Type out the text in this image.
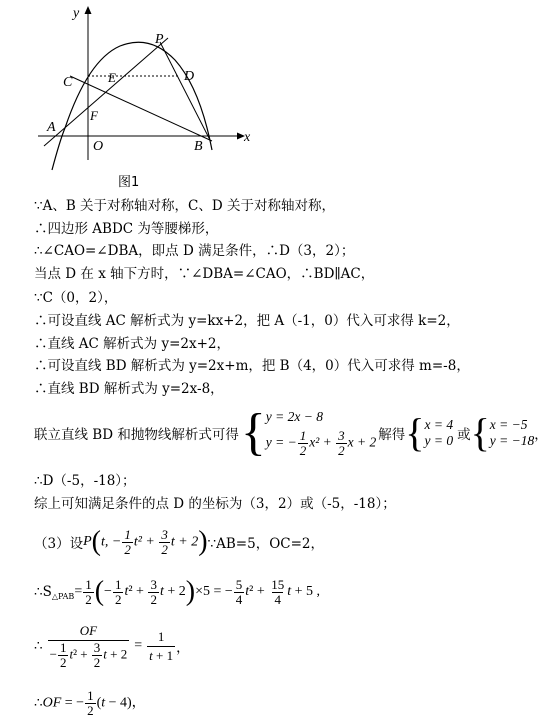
y
x
P
C	E	D
A
F
O	B
图1
∵A、B 关于对称轴对称，C、D 关于对称轴对称，
∴四边形 ABDC 为等腰梯形，
∴∠CAO=∠DBA，即点 D 满足条件，∴D（3，2）；
当点 D 在 x 轴下方时，∵∠DBA=∠CAO，∴BD∥AC，
∵C（0，2），
∴可设直线 AC 解析式为 y=kx+2，把 A（-1，0）代入可求得 k=2，
∴直线 AC 解析式为 y=2x+2，
∴可设直线 BD 解析式为 y=2x+m，把 B（4，0）代入可求得 m=-8，
∴直线 BD 解析式为 y=2x-8，
联立直线 BD 和抛物线解析式可得 { y = 2x − 8
y = − $\frac{1}{2} x^2 + \frac{3}{2}$ x + 2 解得 { x = 4
y = 0 或 { x = −5
y = −18 ，
∴D（-5，-18）；
综上可知满足条件的点 D 的坐标为（3，2）或（-5，-18）；
（3）设 P ( t, − $\frac{1}{2} t^2 + \frac{3}{2}$ t + 2 ) ∵AB=5，OC=2，
∴S △PAB = $\frac{1}{2}$ (− $\frac{1}{2} t^2 + \frac{3}{2}$ t + 2)×5 = − $\frac{5}{4} t^2 + \frac{15}{4}$ t + 5 ,
∴ $\frac{OF}{- \frac{1}{2} t^2 + \frac{3}{2} t + 2} = \frac{1}{t + 1}$ ，
∴ OF = − $\frac{1}{2} (t - 4)$，
